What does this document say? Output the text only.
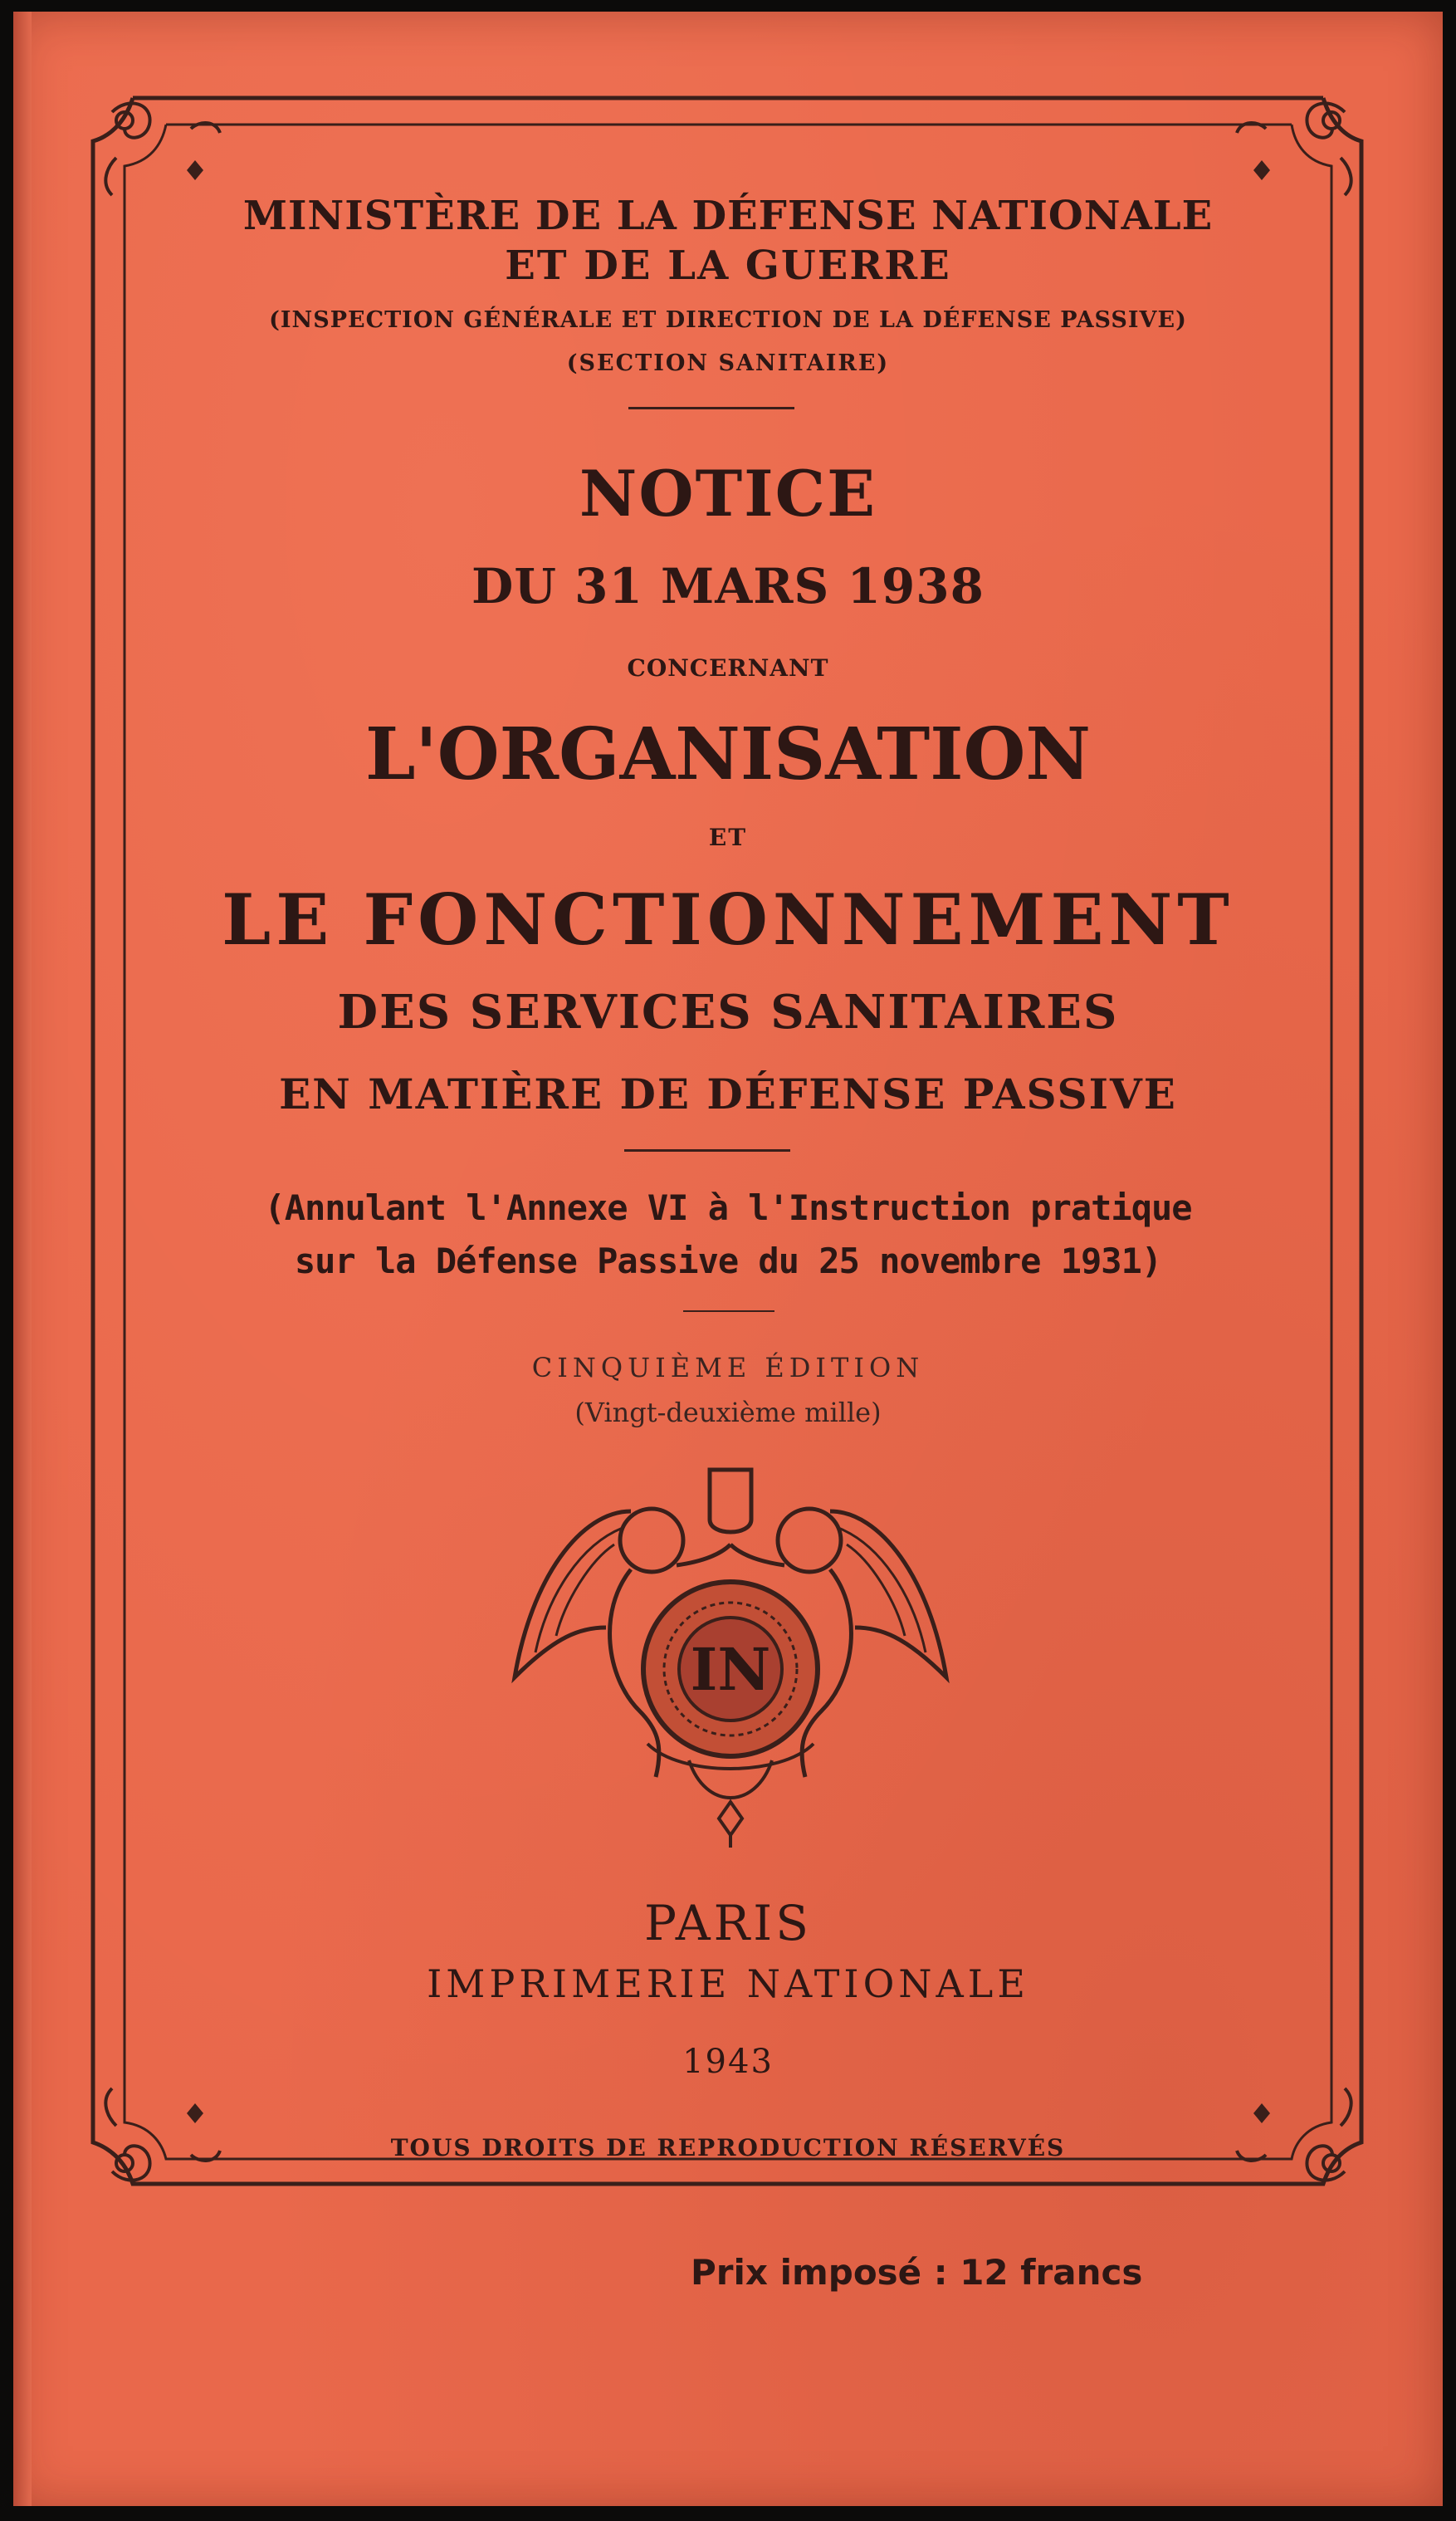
MINISTÈRE DE LA DÉFENSE NATIONALE
ET DE LA GUERRE
(INSPECTION GÉNÉRALE ET DIRECTION DE LA DÉFENSE PASSIVE)
(SECTION SANITAIRE)
NOTICE
DU 31 MARS 1938
CONCERNANT
L'ORGANISATION
ET
LE FONCTIONNEMENT
DES SERVICES SANITAIRES
EN MATIÈRE DE DÉFENSE PASSIVE
(Annulant l'Annexe VI à l'Instruction pratique
sur la Défense Passive du 25 novembre 1931)
CINQUIÈME ÉDITION
(Vingt-deuxième mille)
IN
PARIS
IMPRIMERIE NATIONALE
1943
TOUS DROITS DE REPRODUCTION RÉSERVÉS
Prix imposé : 12 francs
